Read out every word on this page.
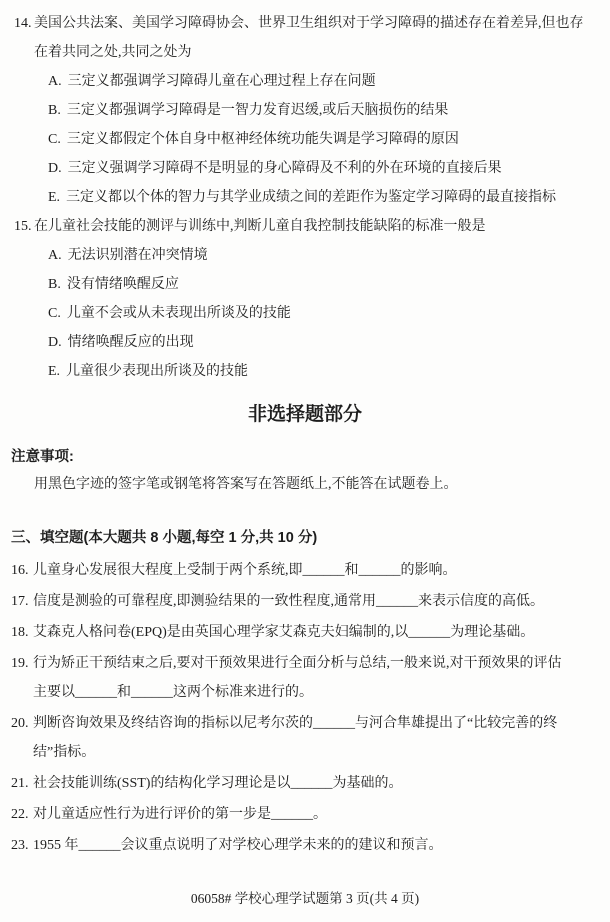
14. 美国公共法案、美国学习障碍协会、世界卫生组织对于学习障碍的描述存在着差异,但也存
在着共同之处,共同之处为
A. 三定义都强调学习障碍儿童在心理过程上存在问题
B. 三定义都强调学习障碍是一智力发育迟缓,或后天脑损伤的结果
C. 三定义都假定个体自身中枢神经体统功能失调是学习障碍的原因
D. 三定义强调学习障碍不是明显的身心障碍及不利的外在环境的直接后果
E. 三定义都以个体的智力与其学业成绩之间的差距作为鉴定学习障碍的最直接指标
15. 在儿童社会技能的测评与训练中,判断儿童自我控制技能缺陷的标准一般是
A. 无法识别潜在冲突情境
B. 没有情绪唤醒反应
C. 儿童不会或从未表现出所谈及的技能
D. 情绪唤醒反应的出现
E. 儿童很少表现出所谈及的技能
非选择题部分
注意事项:
用黑色字迹的签字笔或钢笔将答案写在答题纸上,不能答在试题卷上。
三、填空题(本大题共 8 小题,每空 1 分,共 10 分)
16. 儿童身心发展很大程度上受制于两个系统,即______和______的影响。
17. 信度是测验的可靠程度,即测验结果的一致性程度,通常用______来表示信度的高低。
18. 艾森克人格问卷(EPQ)是由英国心理学家艾森克夫妇编制的,以______为理论基础。
19. 行为矫正干预结束之后,要对干预效果进行全面分析与总结,一般来说,对干预效果的评估
主要以______和______这两个标准来进行的。
20. 判断咨询效果及终结咨询的指标以尼考尔茨的______与河合隼雄提出了“比较完善的终
结”指标。
21. 社会技能训练(SST)的结构化学习理论是以______为基础的。
22. 对儿童适应性行为进行评价的第一步是______。
23. 1955 年______会议重点说明了对学校心理学未来的的建议和预言。
06058# 学校心理学试题第 3 页(共 4 页)
